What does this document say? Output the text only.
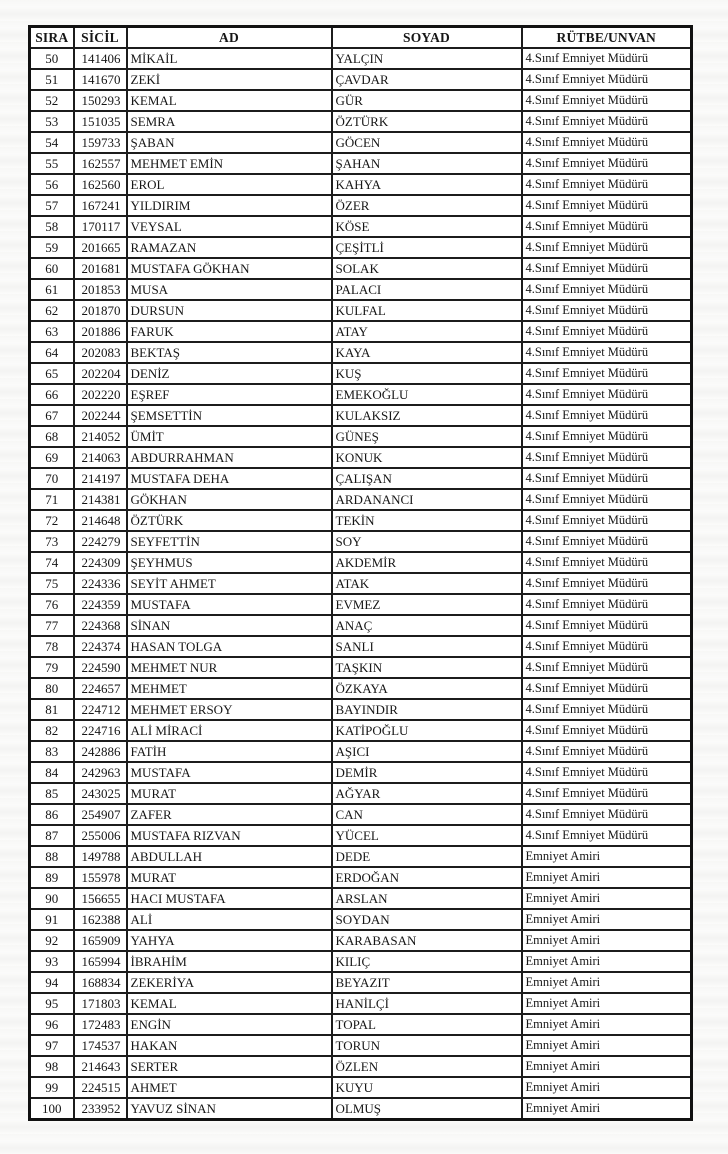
SIRA	SİCİL	AD	SOYAD	RÜTBE/UNVAN
50	141406	MİKAİL	YALÇIN	4.Sınıf Emniyet Müdürü
51	141670	ZEKİ	ÇAVDAR	4.Sınıf Emniyet Müdürü
52	150293	KEMAL	GÜR	4.Sınıf Emniyet Müdürü
53	151035	SEMRA	ÖZTÜRK	4.Sınıf Emniyet Müdürü
54	159733	ŞABAN	GÖCEN	4.Sınıf Emniyet Müdürü
55	162557	MEHMET EMİN	ŞAHAN	4.Sınıf Emniyet Müdürü
56	162560	EROL	KAHYA	4.Sınıf Emniyet Müdürü
57	167241	YILDIRIM	ÖZER	4.Sınıf Emniyet Müdürü
58	170117	VEYSAL	KÖSE	4.Sınıf Emniyet Müdürü
59	201665	RAMAZAN	ÇEŞİTLİ	4.Sınıf Emniyet Müdürü
60	201681	MUSTAFA GÖKHAN	SOLAK	4.Sınıf Emniyet Müdürü
61	201853	MUSA	PALACI	4.Sınıf Emniyet Müdürü
62	201870	DURSUN	KULFAL	4.Sınıf Emniyet Müdürü
63	201886	FARUK	ATAY	4.Sınıf Emniyet Müdürü
64	202083	BEKTAŞ	KAYA	4.Sınıf Emniyet Müdürü
65	202204	DENİZ	KUŞ	4.Sınıf Emniyet Müdürü
66	202220	EŞREF	EMEKOĞLU	4.Sınıf Emniyet Müdürü
67	202244	ŞEMSETTİN	KULAKSIZ	4.Sınıf Emniyet Müdürü
68	214052	ÜMİT	GÜNEŞ	4.Sınıf Emniyet Müdürü
69	214063	ABDURRAHMAN	KONUK	4.Sınıf Emniyet Müdürü
70	214197	MUSTAFA DEHA	ÇALIŞAN	4.Sınıf Emniyet Müdürü
71	214381	GÖKHAN	ARDANANCI	4.Sınıf Emniyet Müdürü
72	214648	ÖZTÜRK	TEKİN	4.Sınıf Emniyet Müdürü
73	224279	SEYFETTİN	SOY	4.Sınıf Emniyet Müdürü
74	224309	ŞEYHMUS	AKDEMİR	4.Sınıf Emniyet Müdürü
75	224336	SEYİT AHMET	ATAK	4.Sınıf Emniyet Müdürü
76	224359	MUSTAFA	EVMEZ	4.Sınıf Emniyet Müdürü
77	224368	SİNAN	ANAÇ	4.Sınıf Emniyet Müdürü
78	224374	HASAN TOLGA	SANLI	4.Sınıf Emniyet Müdürü
79	224590	MEHMET NUR	TAŞKIN	4.Sınıf Emniyet Müdürü
80	224657	MEHMET	ÖZKAYA	4.Sınıf Emniyet Müdürü
81	224712	MEHMET ERSOY	BAYINDIR	4.Sınıf Emniyet Müdürü
82	224716	ALİ MİRACİ	KATİPOĞLU	4.Sınıf Emniyet Müdürü
83	242886	FATİH	AŞICI	4.Sınıf Emniyet Müdürü
84	242963	MUSTAFA	DEMİR	4.Sınıf Emniyet Müdürü
85	243025	MURAT	AĞYAR	4.Sınıf Emniyet Müdürü
86	254907	ZAFER	CAN	4.Sınıf Emniyet Müdürü
87	255006	MUSTAFA RIZVAN	YÜCEL	4.Sınıf Emniyet Müdürü
88	149788	ABDULLAH	DEDE	Emniyet Amiri
89	155978	MURAT	ERDOĞAN	Emniyet Amiri
90	156655	HACI MUSTAFA	ARSLAN	Emniyet Amiri
91	162388	ALİ	SOYDAN	Emniyet Amiri
92	165909	YAHYA	KARABASAN	Emniyet Amiri
93	165994	İBRAHİM	KILIÇ	Emniyet Amiri
94	168834	ZEKERİYA	BEYAZIT	Emniyet Amiri
95	171803	KEMAL	HANİLÇİ	Emniyet Amiri
96	172483	ENGİN	TOPAL	Emniyet Amiri
97	174537	HAKAN	TORUN	Emniyet Amiri
98	214643	SERTER	ÖZLEN	Emniyet Amiri
99	224515	AHMET	KUYU	Emniyet Amiri
100	233952	YAVUZ SİNAN	OLMUŞ	Emniyet Amiri
